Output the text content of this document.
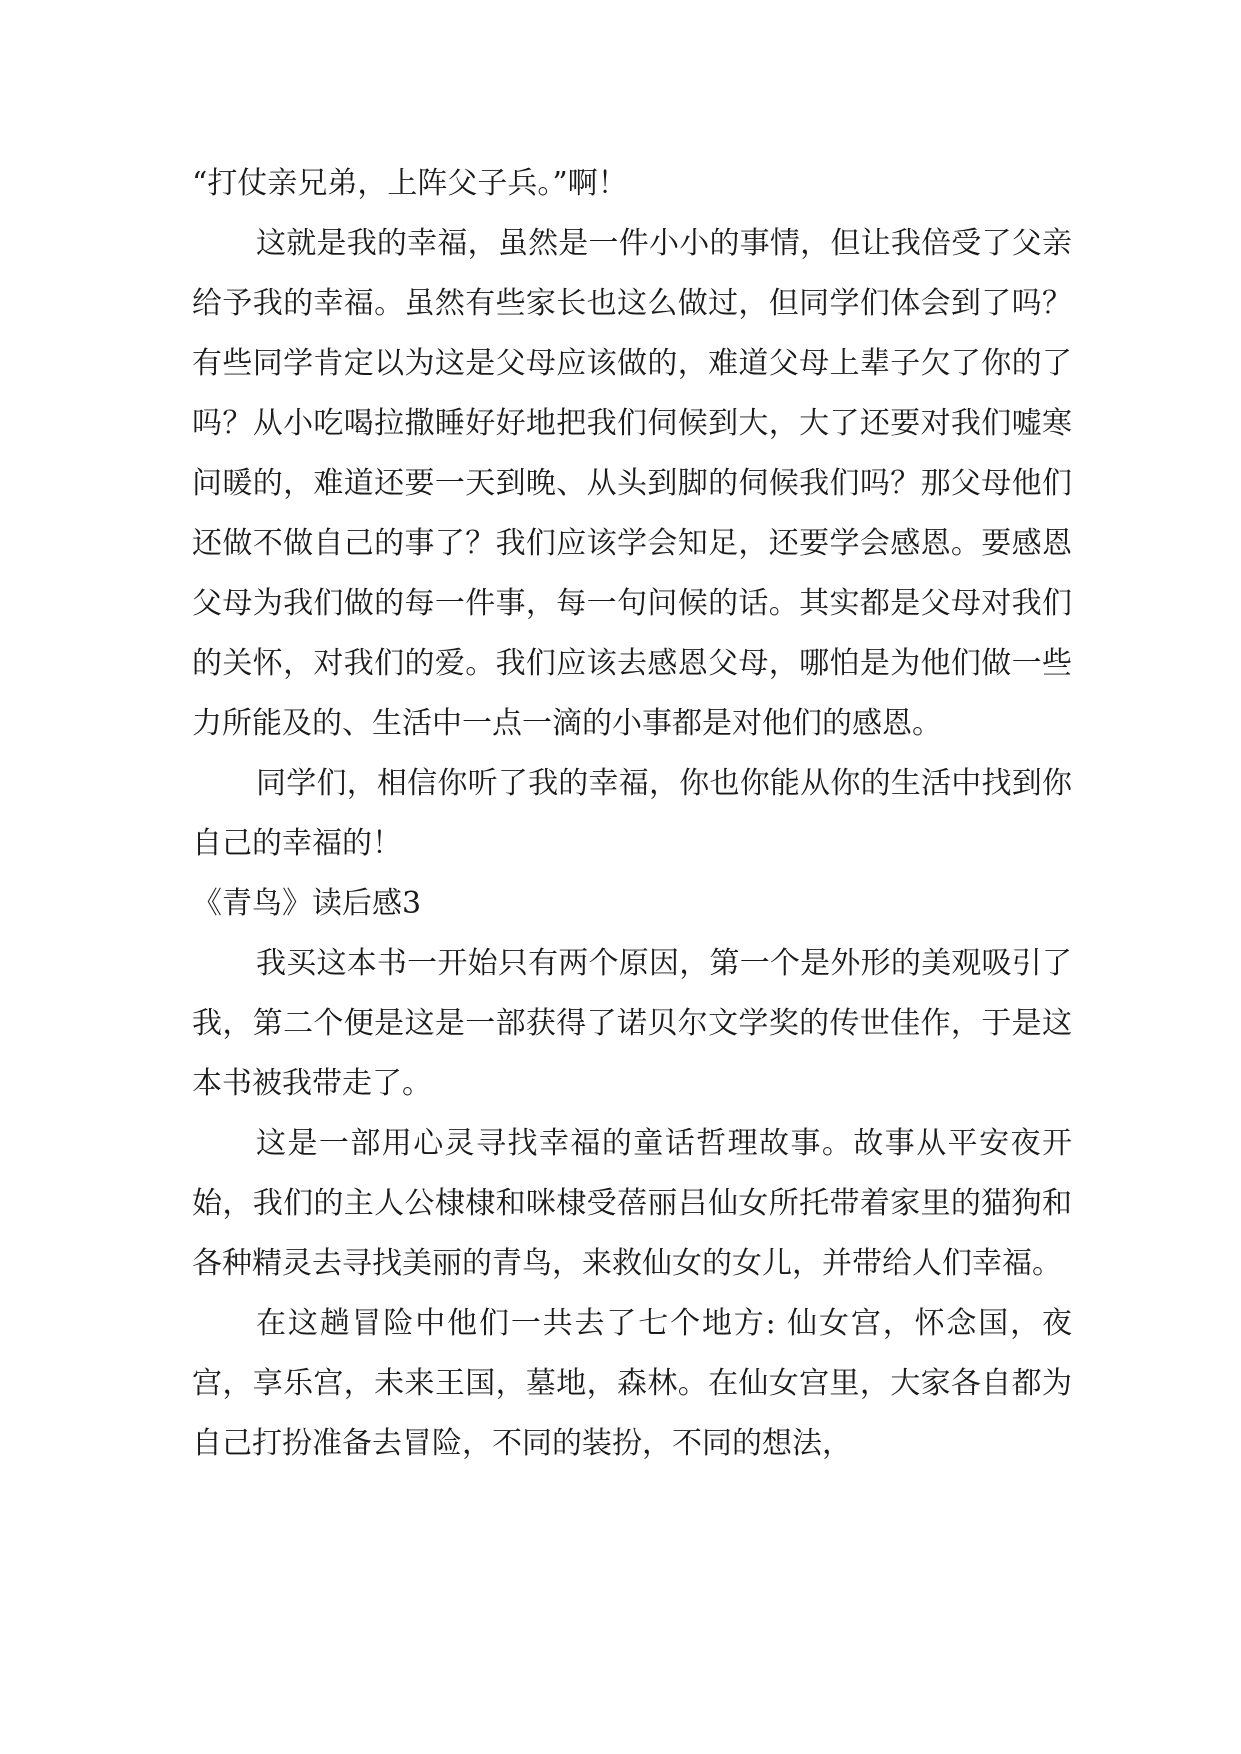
“打仗亲兄弟，上阵父子兵。”啊！

这就是我的幸福，虽然是一件小小的事情，但让我倍受了父亲给予我的幸福。虽然有些家长也这么做过，但同学们体会到了吗？有些同学肯定以为这是父母应该做的，难道父母上辈子欠了你的了吗？从小吃喝拉撒睡好好地把我们伺候到大，大了还要对我们嘘寒问暖的，难道还要一天到晚、从头到脚的伺候我们吗？那父母他们还做不做自己的事了？我们应该学会知足，还要学会感恩。要感恩父母为我们做的每一件事，每一句问候的话。其实都是父母对我们的关怀，对我们的爱。我们应该去感恩父母，哪怕是为他们做一些力所能及的、生活中一点一滴的小事都是对他们的感恩。

同学们，相信你听了我的幸福，你也你能从你的生活中找到你自己的幸福的！

《青鸟》读后感3

我买这本书一开始只有两个原因，第一个是外形的美观吸引了我，第二个便是这是一部获得了诺贝尔文学奖的传世佳作，于是这本书被我带走了。

这是一部用心灵寻找幸福的童话哲理故事。故事从平安夜开始，我们的主人公棣棣和咪棣受蓓丽吕仙女所托带着家里的猫狗和各种精灵去寻找美丽的青鸟，来救仙女的女儿，并带给人们幸福。

在这趟冒险中他们一共去了七个地方: 仙女宫，怀念国，夜宫，享乐宫，未来王国，墓地，森林。在仙女宫里，大家各自都为自己打扮准备去冒险，不同的装扮，不同的想法，
